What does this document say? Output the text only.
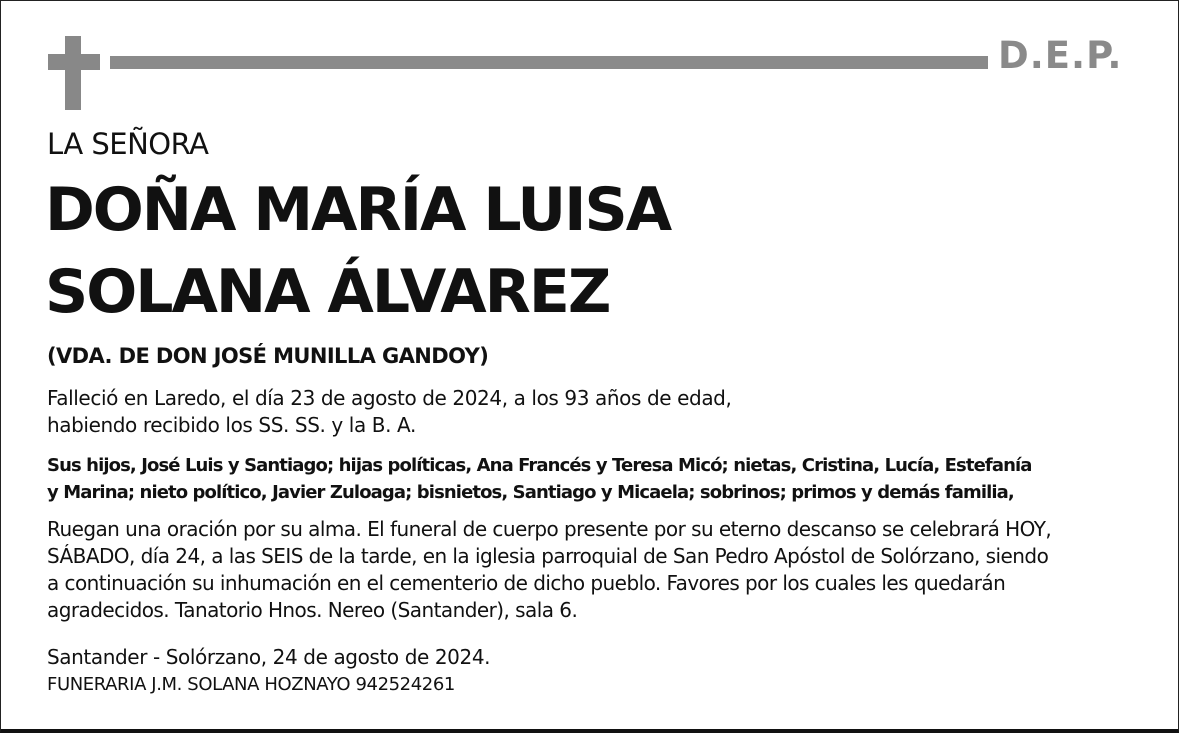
D.E.P.
LA SEÑORA
DOÑA MARÍA LUISA
SOLANA ÁLVAREZ
(VDA. DE DON JOSÉ MUNILLA GANDOY)
Falleció en Laredo, el día 23 de agosto de 2024, a los 93 años de edad,
habiendo recibido los SS. SS. y la B. A.
Sus hijos, José Luis y Santiago; hijas políticas, Ana Francés y Teresa Micó; nietas, Cristina, Lucía, Estefanía
y Marina; nieto político, Javier Zuloaga; bisnietos, Santiago y Micaela; sobrinos; primos y demás familia,
Ruegan una oración por su alma. El funeral de cuerpo presente por su eterno descanso se celebrará HOY,
SÁBADO, día 24, a las SEIS de la tarde, en la iglesia parroquial de San Pedro Apóstol de Solórzano, siendo
a continuación su inhumación en el cementerio de dicho pueblo. Favores por los cuales les quedarán
agradecidos. Tanatorio Hnos. Nereo (Santander), sala 6.
Santander - Solórzano, 24 de agosto de 2024.
FUNERARIA J.M. SOLANA HOZNAYO 942524261
